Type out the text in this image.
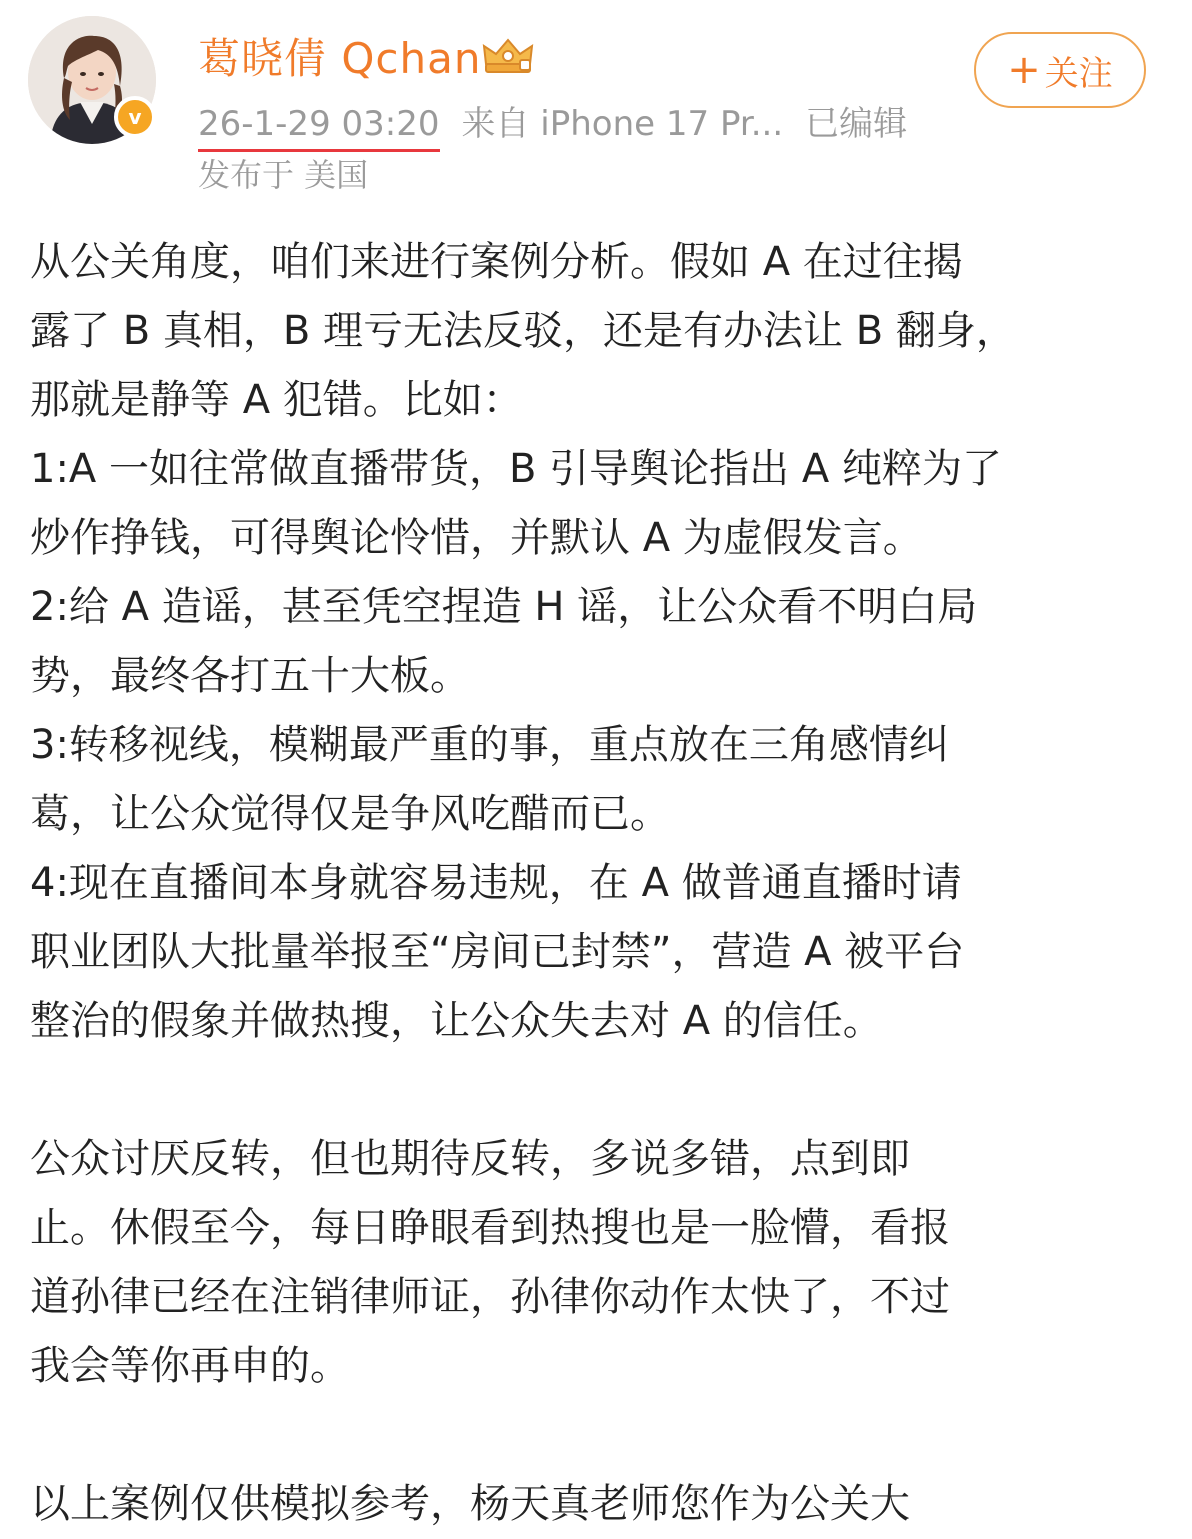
v
葛晓倩 Qchan
26-1-29 03:20 来自 iPhone 17 Pr... 已编辑
发布于 美国
+ 关注
从公关角度，咱们来进行案例分析。假如 A 在过往揭
露了 B 真相，B 理亏无法反驳，还是有办法让 B 翻身，
那就是静等 A 犯错。比如：
1:A 一如往常做直播带货，B 引导舆论指出 A 纯粹为了
炒作挣钱，可得舆论怜惜，并默认 A 为虚假发言。
2:给 A 造谣，甚至凭空捏造 H 谣，让公众看不明白局
势，最终各打五十大板。
3:转移视线，模糊最严重的事，重点放在三角感情纠
葛，让公众觉得仅是争风吃醋而已。
4:现在直播间本身就容易违规，在 A 做普通直播时请
职业团队大批量举报至“房间已封禁”，营造 A 被平台
整治的假象并做热搜，让公众失去对 A 的信任。
公众讨厌反转，但也期待反转，多说多错，点到即
止。休假至今，每日睁眼看到热搜也是一脸懵，看报
道孙律已经在注销律师证，孙律你动作太快了，不过
我会等你再申的。
以上案例仅供模拟参考，杨天真老师您作为公关大
